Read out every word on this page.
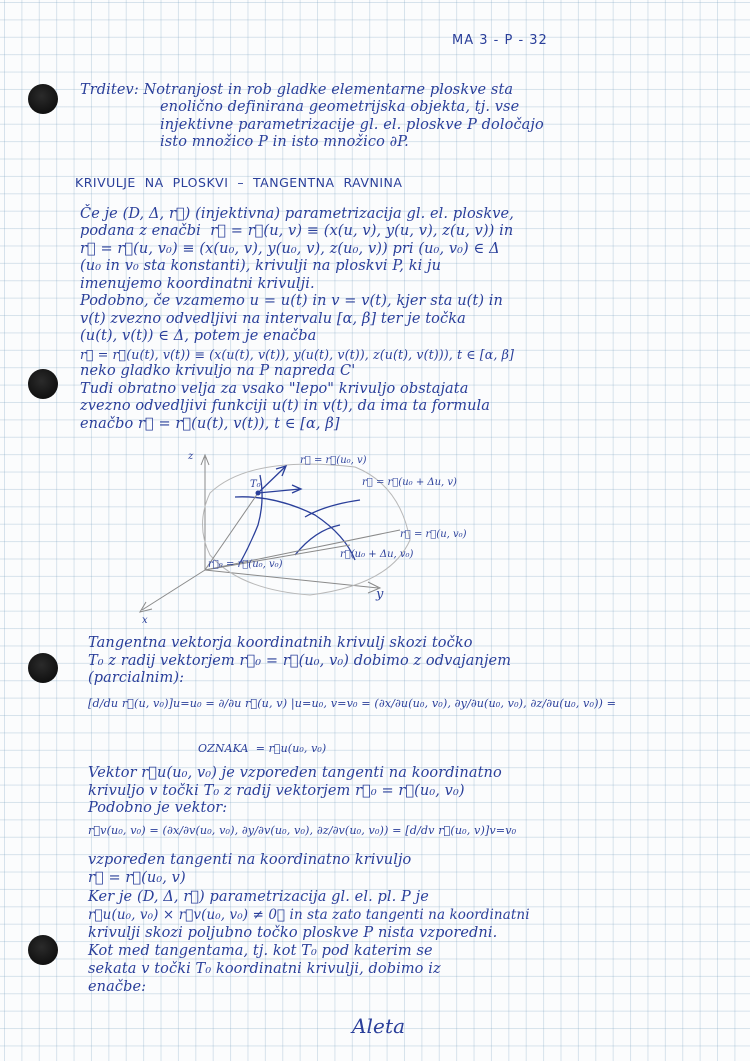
MA 3 - P - 32
Trditev: Notranjost in rob gladke elementarne ploskve sta
enolično definirana geometrijska objekta, tj. vse
injektivne parametrizacije gl. el. ploskve P določajo
isto množico P in isto množico ∂P.
KRIVULJE  NA  PLOSKVI  –  TANGENTNA  RAVNINA
Če je (D, Δ, r⃗) (injektivna) parametrizacija gl. el. ploskve,
podana z enačbi  r⃗ = r⃗(u, v) ≡ (x(u, v), y(u, v), z(u, v)) in
r⃗ = r⃗(u, v₀) ≡ (x(u₀, v), y(u₀, v), z(u₀, v)) pri (u₀, v₀) ∈ Δ
(u₀ in v₀ sta konstanti), krivulji na ploskvi P, ki ju
imenujemo koordinatni krivulji.
Podobno, če vzamemo u = u(t) in v = v(t), kjer sta u(t) in
v(t) zvezno odvedljivi na intervalu [α, β] ter je točka
(u(t), v(t)) ∈ Δ, potem je enačba
r⃗ = r⃗(u(t), v(t)) ≡ (x(u(t), v(t)), y(u(t), v(t)), z(u(t), v(t))), t ∈ [α, β]
neko gladko krivuljo na P napreda C'
Tudi obratno velja za vsako "lepo" krivuljo obstajata
zvezno odvedljivi funkciji u(t) in v(t), da ima ta formula
enačbo r⃗ = r⃗(u(t), v(t)), t ∈ [α, β]
z
y
x
T₀
r⃗ = r⃗(u₀, v)
r⃗ = r⃗(u₀ + Δu, v)
r⃗ = r⃗(u, v₀)
r⃗₀ = r⃗(u₀, v₀)
r⃗(u₀ + Δu, v₀)
Tangentna vektorja koordinatnih krivulj skozi točko
T₀ z radij vektorjem r⃗₀ = r⃗(u₀, v₀) dobimo z odvajanjem
(parcialnim):
[d/du r⃗(u, v₀)]u=u₀ = ∂/∂u r⃗(u, v) |u=u₀, v=v₀ = (∂x/∂u(u₀, v₀), ∂y/∂u(u₀, v₀), ∂z/∂u(u₀, v₀)) =
OZNAKA  = r⃗u(u₀, v₀)
Vektor r⃗u(u₀, v₀) je vzporeden tangenti na koordinatno
krivuljo v točki T₀ z radij vektorjem r⃗₀ = r⃗(u₀, v₀)
Podobno je vektor:
r⃗v(u₀, v₀) = (∂x/∂v(u₀, v₀), ∂y/∂v(u₀, v₀), ∂z/∂v(u₀, v₀)) = [d/dv r⃗(u₀, v)]v=v₀
vzporeden tangenti na koordinatno krivuljo
r⃗ = r⃗(u₀, v)
Ker je (D, Δ, r⃗) parametrizacija gl. el. pl. P je
r⃗u(u₀, v₀) × r⃗v(u₀, v₀) ≠ 0⃗ in sta zato tangenti na koordinatni
krivulji skozi poljubno točko ploskve P nista vzporedni.
Kot med tangentama, tj. kot T₀ pod katerim se
sekata v točki T₀ koordinatni krivulji, dobimo iz
enačbe:
Aleta
